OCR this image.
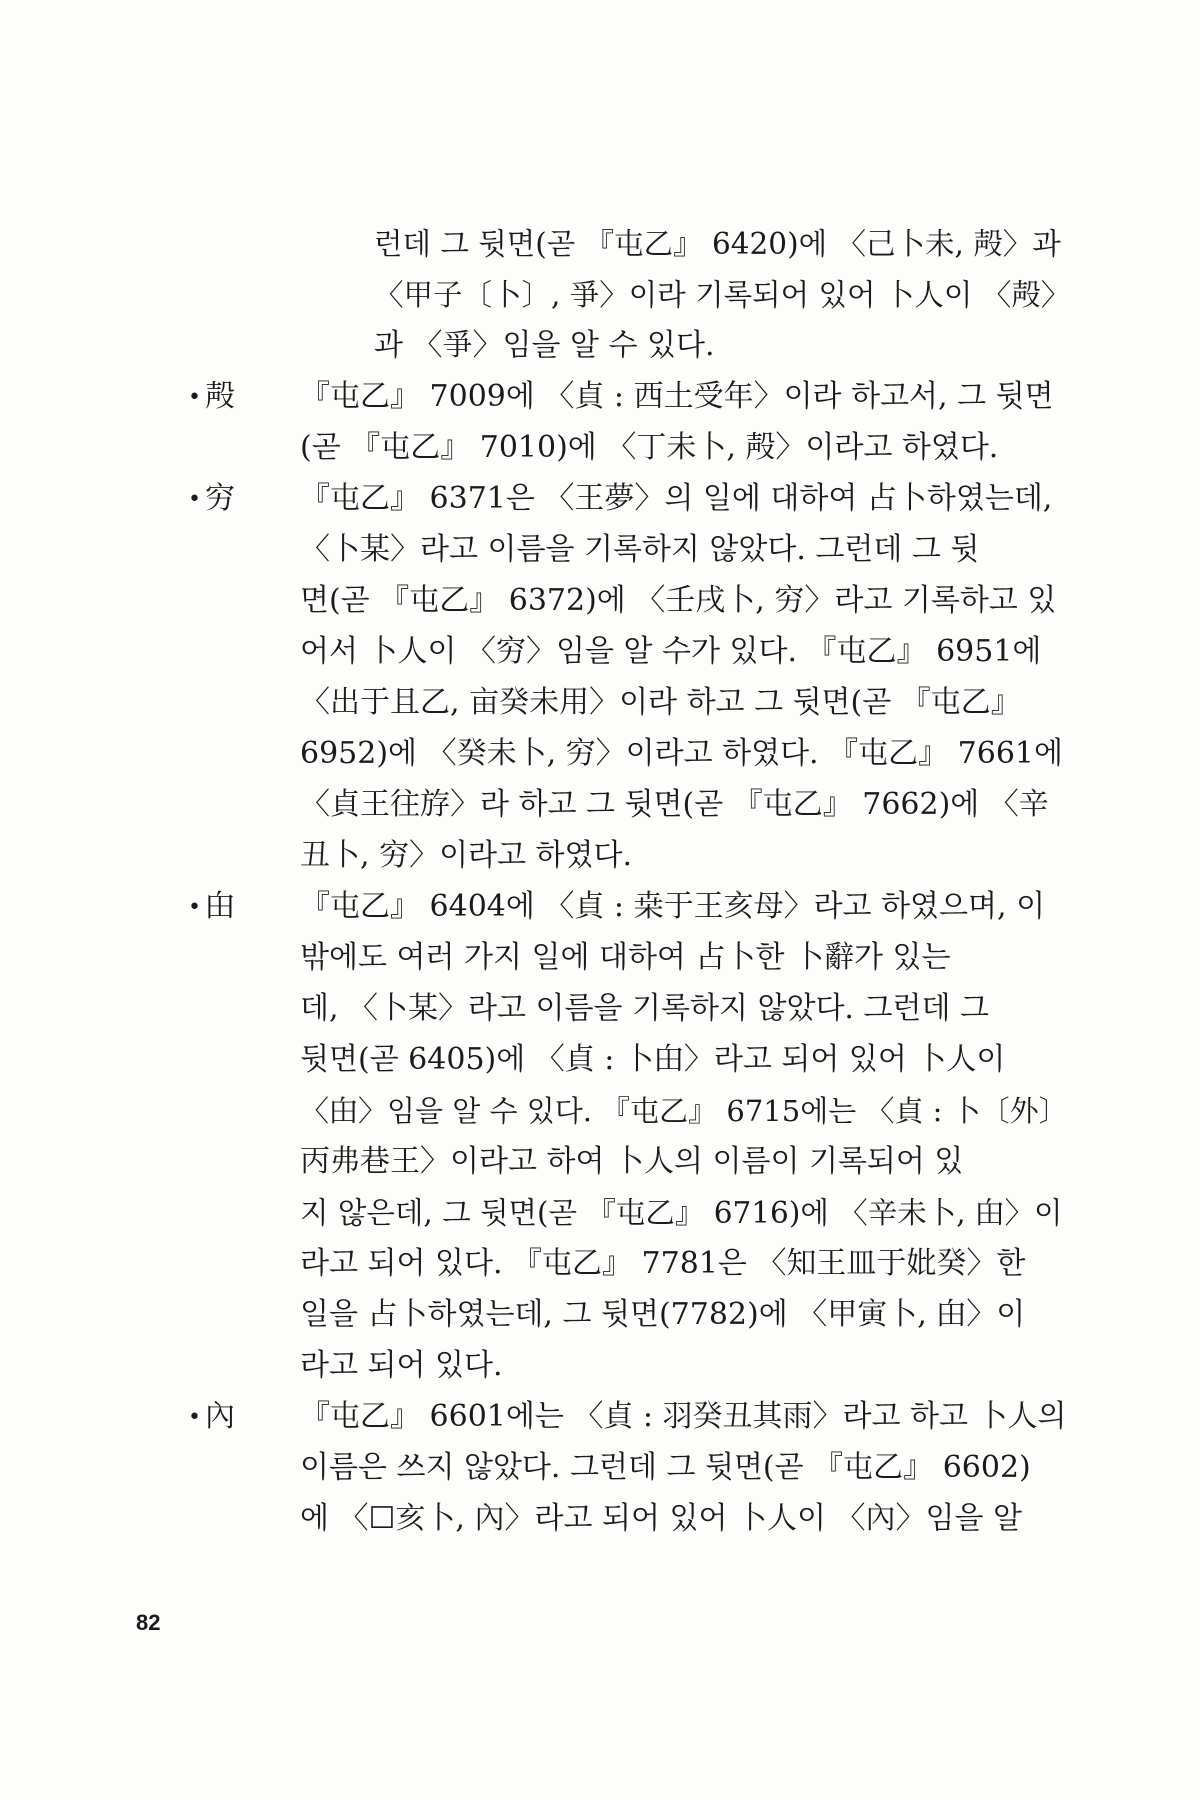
런데 그 뒷면(곧 『屯乙』 6420)에 〈己卜未, 殸〉과
〈甲子〔卜〕, 爭〉이라 기록되어 있어 卜人이 〈殸〉
과 〈爭〉임을 알 수 있다.
• 殸 『屯乙』 7009에 〈貞 : 西土受年〉이라 하고서, 그 뒷면
(곧 『屯乙』 7010)에 〈丁未卜, 殸〉이라고 하였다.
• 穷 『屯乙』 6371은 〈王夢〉의 일에 대하여 占卜하였는데,
〈卜某〉라고 이름을 기록하지 않았다. 그런데 그 뒷
면(곧 『屯乙』 6372)에 〈壬戌卜, 穷〉라고 기록하고 있
어서 卜人이 〈穷〉임을 알 수가 있다. 『屯乙』 6951에
〈出于且乙, 亩癸未用〉이라 하고 그 뒷면(곧 『屯乙』
6952)에 〈癸未卜, 穷〉이라고 하였다. 『屯乙』 7661에
〈貞王往斿〉라 하고 그 뒷면(곧 『屯乙』 7662)에 〈辛
丑卜, 穷〉이라고 하였다.
• 甶 『屯乙』 6404에 〈貞 : 桒于王亥母〉라고 하였으며, 이
밖에도 여러 가지 일에 대하여 占卜한 卜辭가 있는
데, 〈卜某〉라고 이름을 기록하지 않았다. 그런데 그
뒷면(곧 6405)에 〈貞 : 卜甶〉라고 되어 있어 卜人이
〈甶〉임을 알 수 있다. 『屯乙』 6715에는 〈貞 : 卜〔外〕
丙弗巷王〉이라고 하여 卜人의 이름이 기록되어 있
지 않은데, 그 뒷면(곧 『屯乙』 6716)에 〈辛未卜, 甶〉이
라고 되어 있다. 『屯乙』 7781은 〈知王皿于妣癸〉한
일을 占卜하였는데, 그 뒷면(7782)에 〈甲寅卜, 甶〉이
라고 되어 있다.
• 內 『屯乙』 6601에는 〈貞 : 羽癸丑其雨〉라고 하고 卜人의
이름은 쓰지 않았다. 그런데 그 뒷면(곧 『屯乙』 6602)
에 〈☐亥卜, 內〉라고 되어 있어 卜人이 〈內〉임을 알
82
